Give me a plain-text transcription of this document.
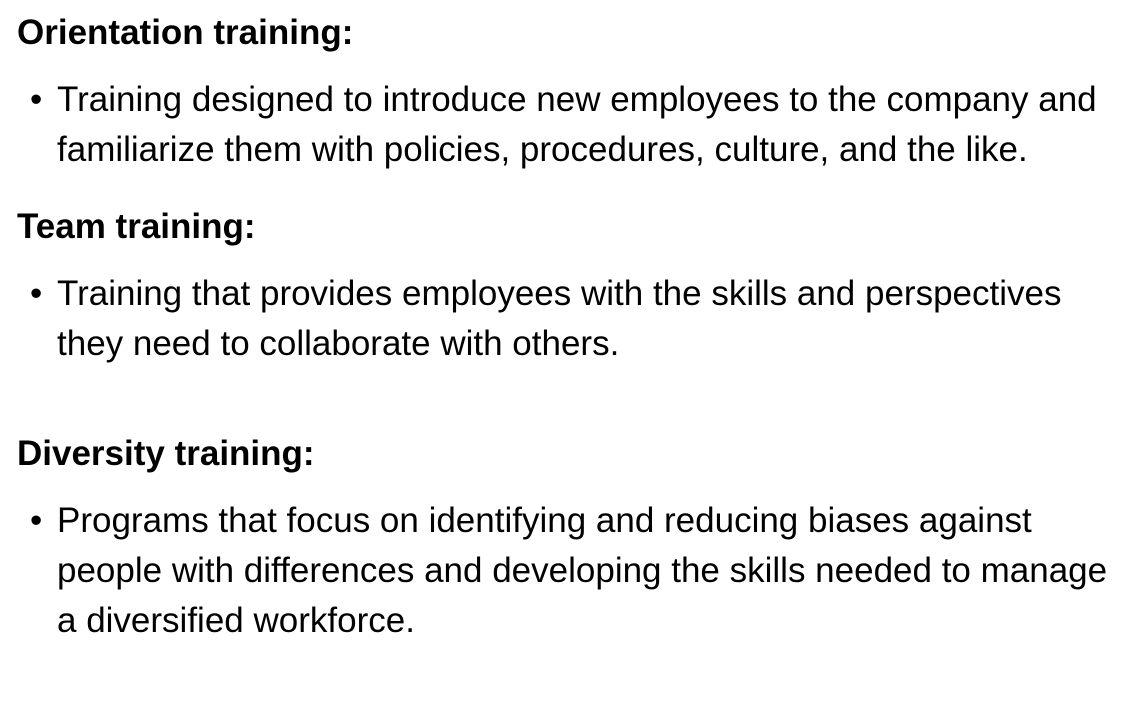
Orientation training:
• Training designed to introduce new employees to the company and familiarize them with policies, procedures, culture, and the like.

Team training:
• Training that provides employees with the skills and perspectives they need to collaborate with others.

Diversity training:
• Programs that focus on identifying and reducing biases against people with differences and developing the skills needed to manage a diversified workforce.
